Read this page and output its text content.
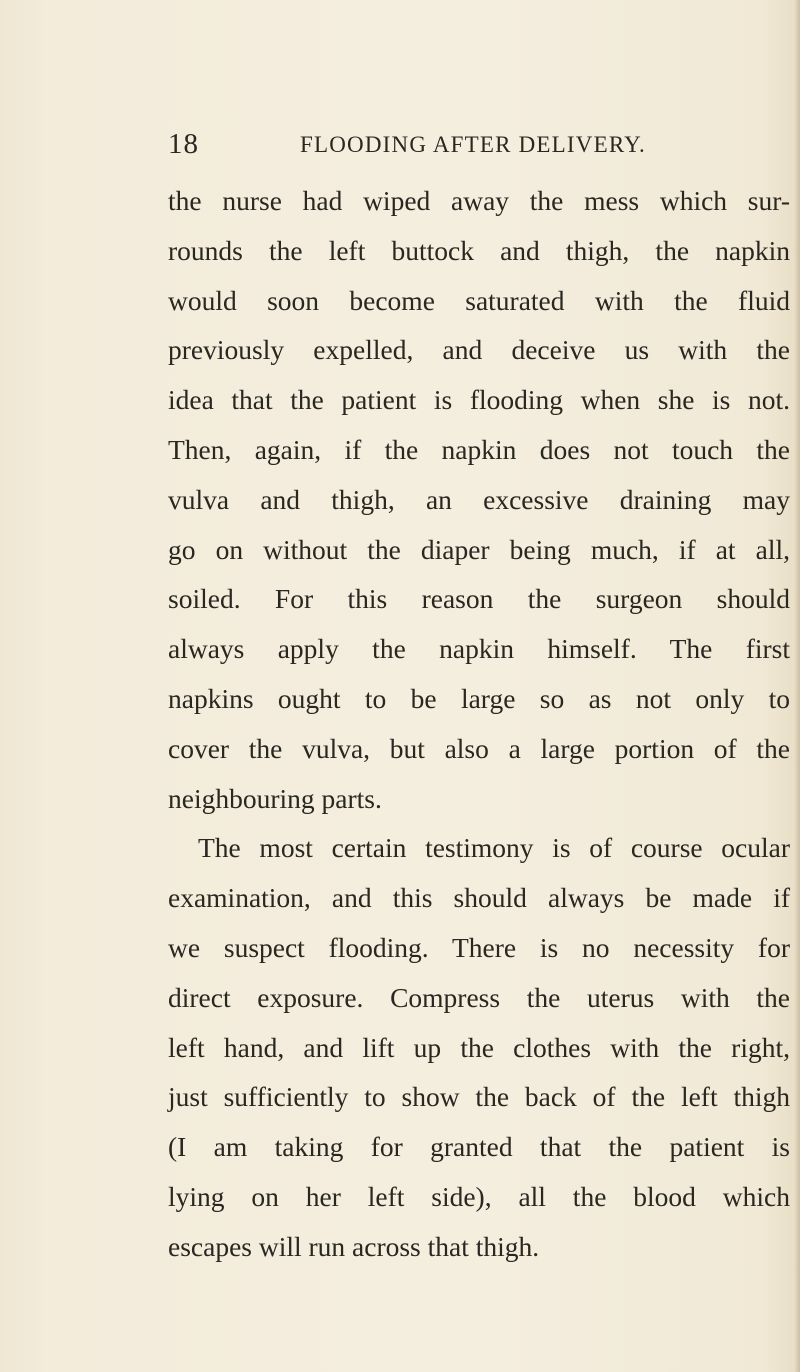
18	FLOODING AFTER DELIVERY.
the nurse had wiped away the mess which sur-
rounds the left buttock and thigh, the napkin
would soon become saturated with the fluid
previously expelled, and deceive us with the
idea that the patient is flooding when she is not.
Then, again, if the napkin does not touch the
vulva and thigh, an excessive draining may
go on without the diaper being much, if at all,
soiled. For this reason the surgeon should
always apply the napkin himself. The first
napkins ought to be large so as not only to
cover the vulva, but also a large portion of the
neighbouring parts.
The most certain testimony is of course ocular
examination, and this should always be made if
we suspect flooding. There is no necessity for
direct exposure. Compress the uterus with the
left hand, and lift up the clothes with the right,
just sufficiently to show the back of the left thigh
(I am taking for granted that the patient is
lying on her left side), all the blood which
escapes will run across that thigh.
